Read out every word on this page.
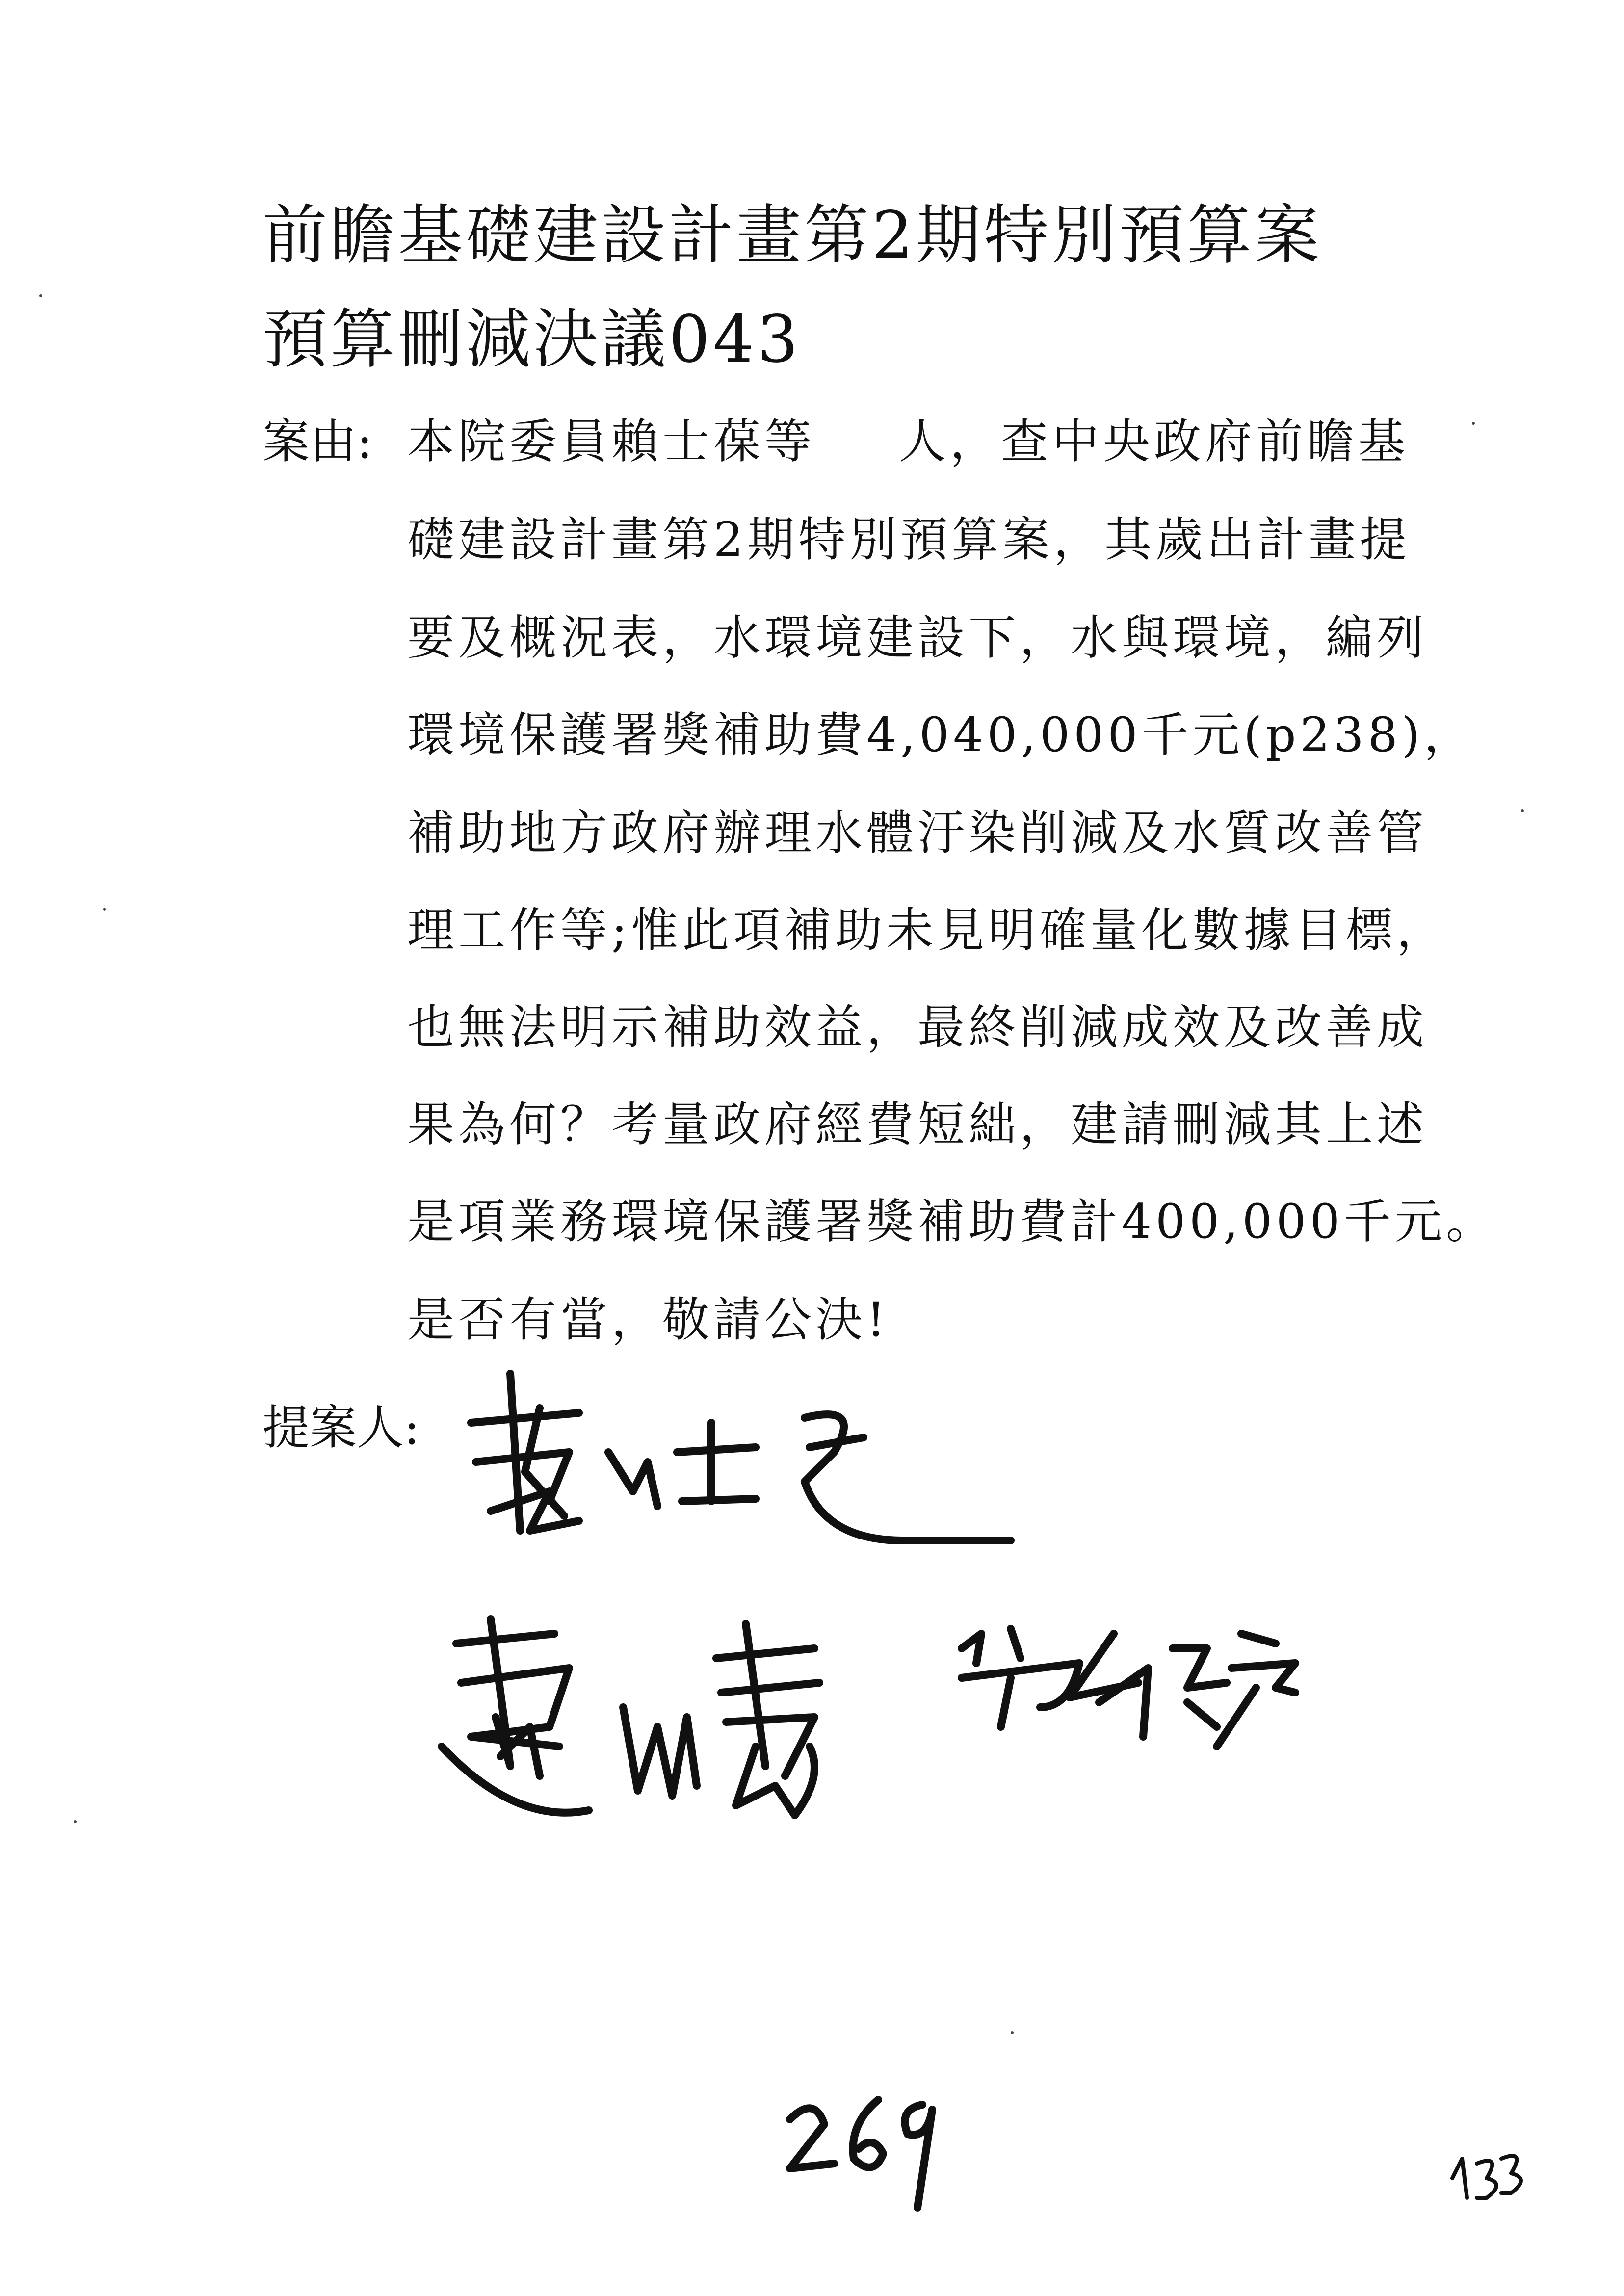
前瞻基礎建設計畫第2期特別預算案
預算刪減決議043
案由: 本院委員賴士葆等 人，查中央政府前瞻基
礎建設計畫第2期特別預算案，其歲出計畫提
要及概況表，水環境建設下，水與環境，編列
環境保護署獎補助費4,040,000千元(p238)，
補助地方政府辦理水體汙染削減及水質改善管
理工作等;惟此項補助未見明確量化數據目標，
也無法明示補助效益，最終削減成效及改善成
果為何？考量政府經費短絀，建請刪減其上述
是項業務環境保護署獎補助費計400,000千元。
是否有當，敬請公決!
提案人:
